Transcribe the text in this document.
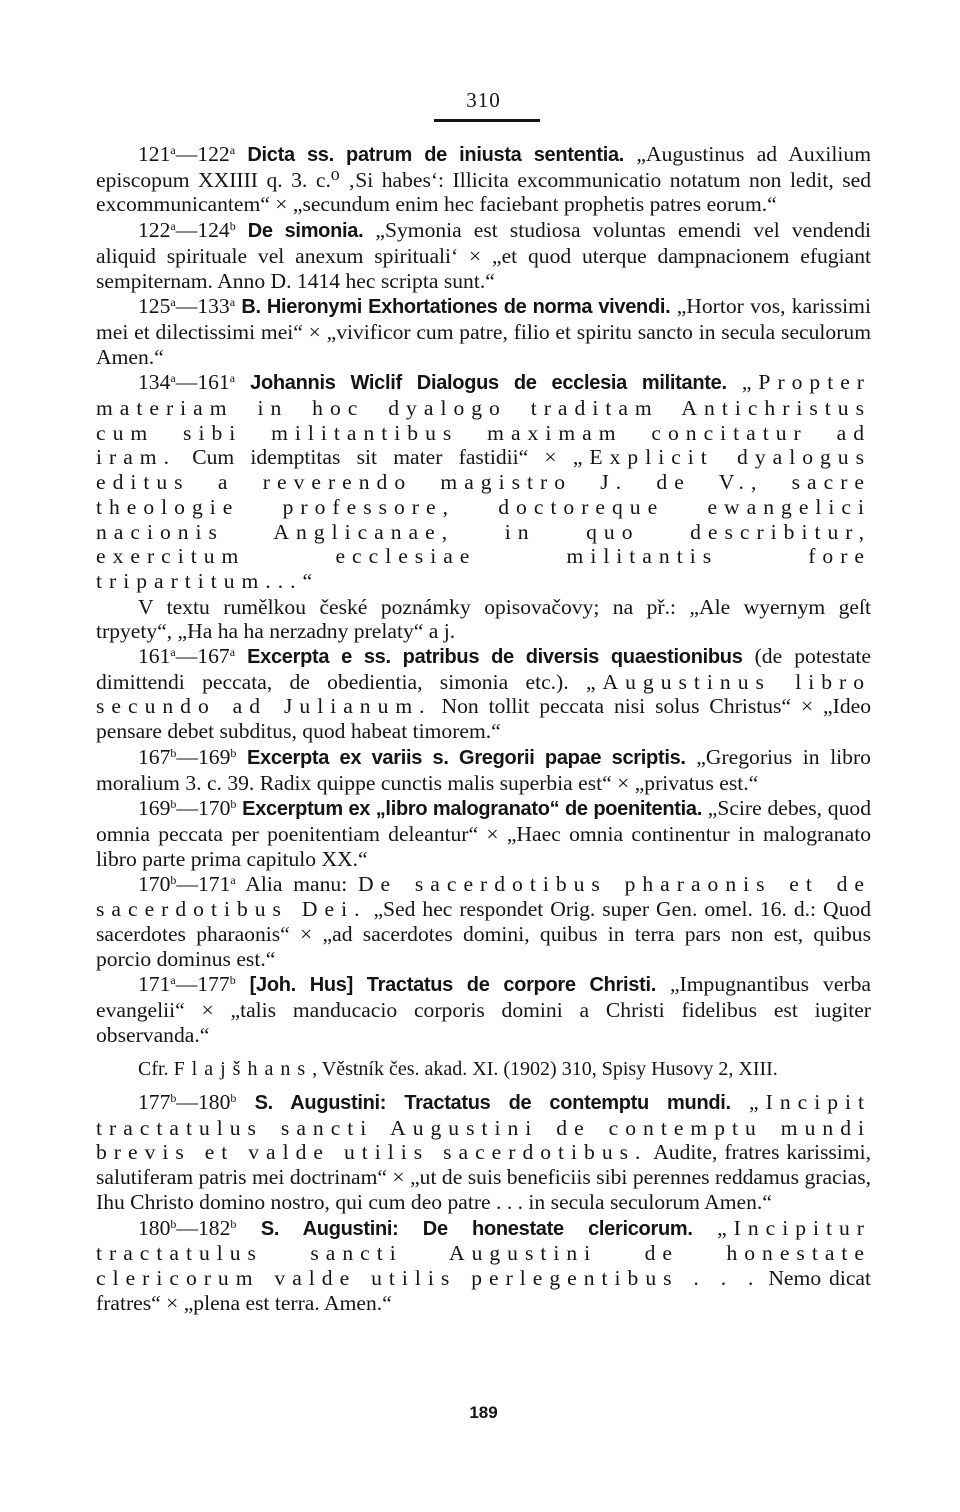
310

121$^a$—122$^a$ Dicta ss. patrum de iniusta sententia. „Augustinus ad Auxilium episcopum XXIIII q. 3. c.⁰ ‚Si habes‘: Illicita excommunicatio notatum non ledit, sed excommunicantem“ × „secundum enim hec faciebant prophetis patres eorum.“

122$^a$—124$^b$ De simonia. „Symonia est studiosa voluntas emendi vel vendendi aliquid spirituale vel anexum spirituali‘ × „et quod uterque dampnacionem efugiant sempiternam. Anno D. 1414 hec scripta sunt.“

125$^a$—133$^a$ B. Hieronymi Exhortationes de norma vivendi. „Hortor vos, karissimi mei et dilectissimi mei“ × „vivificor cum patre, filio et spiritu sancto in secula seculorum Amen.“

134$^a$—161$^a$ Johannis Wiclif Dialogus de ecclesia militante. „Propter materiam in hoc dyalogo traditam Antichristus cum sibi militantibus maximam concitatur ad iram. Cum idemptitas sit mater fastidii“ × „Explicit dyalogus editus a reverendo magistro J. de V., sacre theologie professore, doctoreque ewangelici nacionis Anglicanae, in quo describitur, exercitum ecclesiae militantis fore tripartitum...“

V textu rumělkou české poznámky opisovačovy; na př.: „Ale wyernym geſt trpyety“, „Ha ha ha nerzadny prelaty“ a j.

161$^a$—167$^a$ Excerpta e ss. patribus de diversis quaestionibus (de potestate dimittendi peccata, de obedientia, simonia etc.). „Augustinus libro secundo ad Julianum. Non tollit peccata nisi solus Christus“ × „Ideo pensare debet subditus, quod habeat timorem.“

167$^b$—169$^b$ Excerpta ex variis s. Gregorii papae scriptis. „Gregorius in libro moralium 3. c. 39. Radix quippe cunctis malis superbia est“ × „privatus est.“

169$^b$—170$^b$ Excerptum ex „libro malogranato“ de poenitentia. „Scire debes, quod omnia peccata per poenitentiam deleantur“ × „Haec omnia continentur in malogranato libro parte prima capitulo XX.“

170$^b$—171$^a$ Alia manu: De sacerdotibus pharaonis et de sacerdotibus Dei. „Sed hec respondet Orig. super Gen. omel. 16. d.: Quod sacerdotes pharaonis“ × „ad sacerdotes domini, quibus in terra pars non est, quibus porcio dominus est.“

171$^a$—177$^b$ [Joh. Hus] Tractatus de corpore Christi. „Impugnantibus verba evangelii“ × „talis manducacio corporis domini a Christi fidelibus est iugiter observanda.“

Cfr. Flajšhans, Věstník čes. akad. XI. (1902) 310, Spisy Husovy 2, XIII.

177$^b$—180$^b$ S. Augustini: Tractatus de contemptu mundi. „Incipit tractatulus sancti Augustini de contemptu mundi brevis et valde utilis sacerdotibus. Audite, fratres karissimi, salutiferam patris mei doctrinam“ × „ut de suis beneficiis sibi perennes reddamus gracias, Ihu Christo domino nostro, qui cum deo patre . . . in secula seculorum Amen.“

180$^b$—182$^b$ S. Augustini: De honestate clericorum. „Incipitur tractatulus sancti Augustini de honestate clericorum valde utilis perlegentibus . . . Nemo dicat fratres“ × „plena est terra. Amen.“

189
